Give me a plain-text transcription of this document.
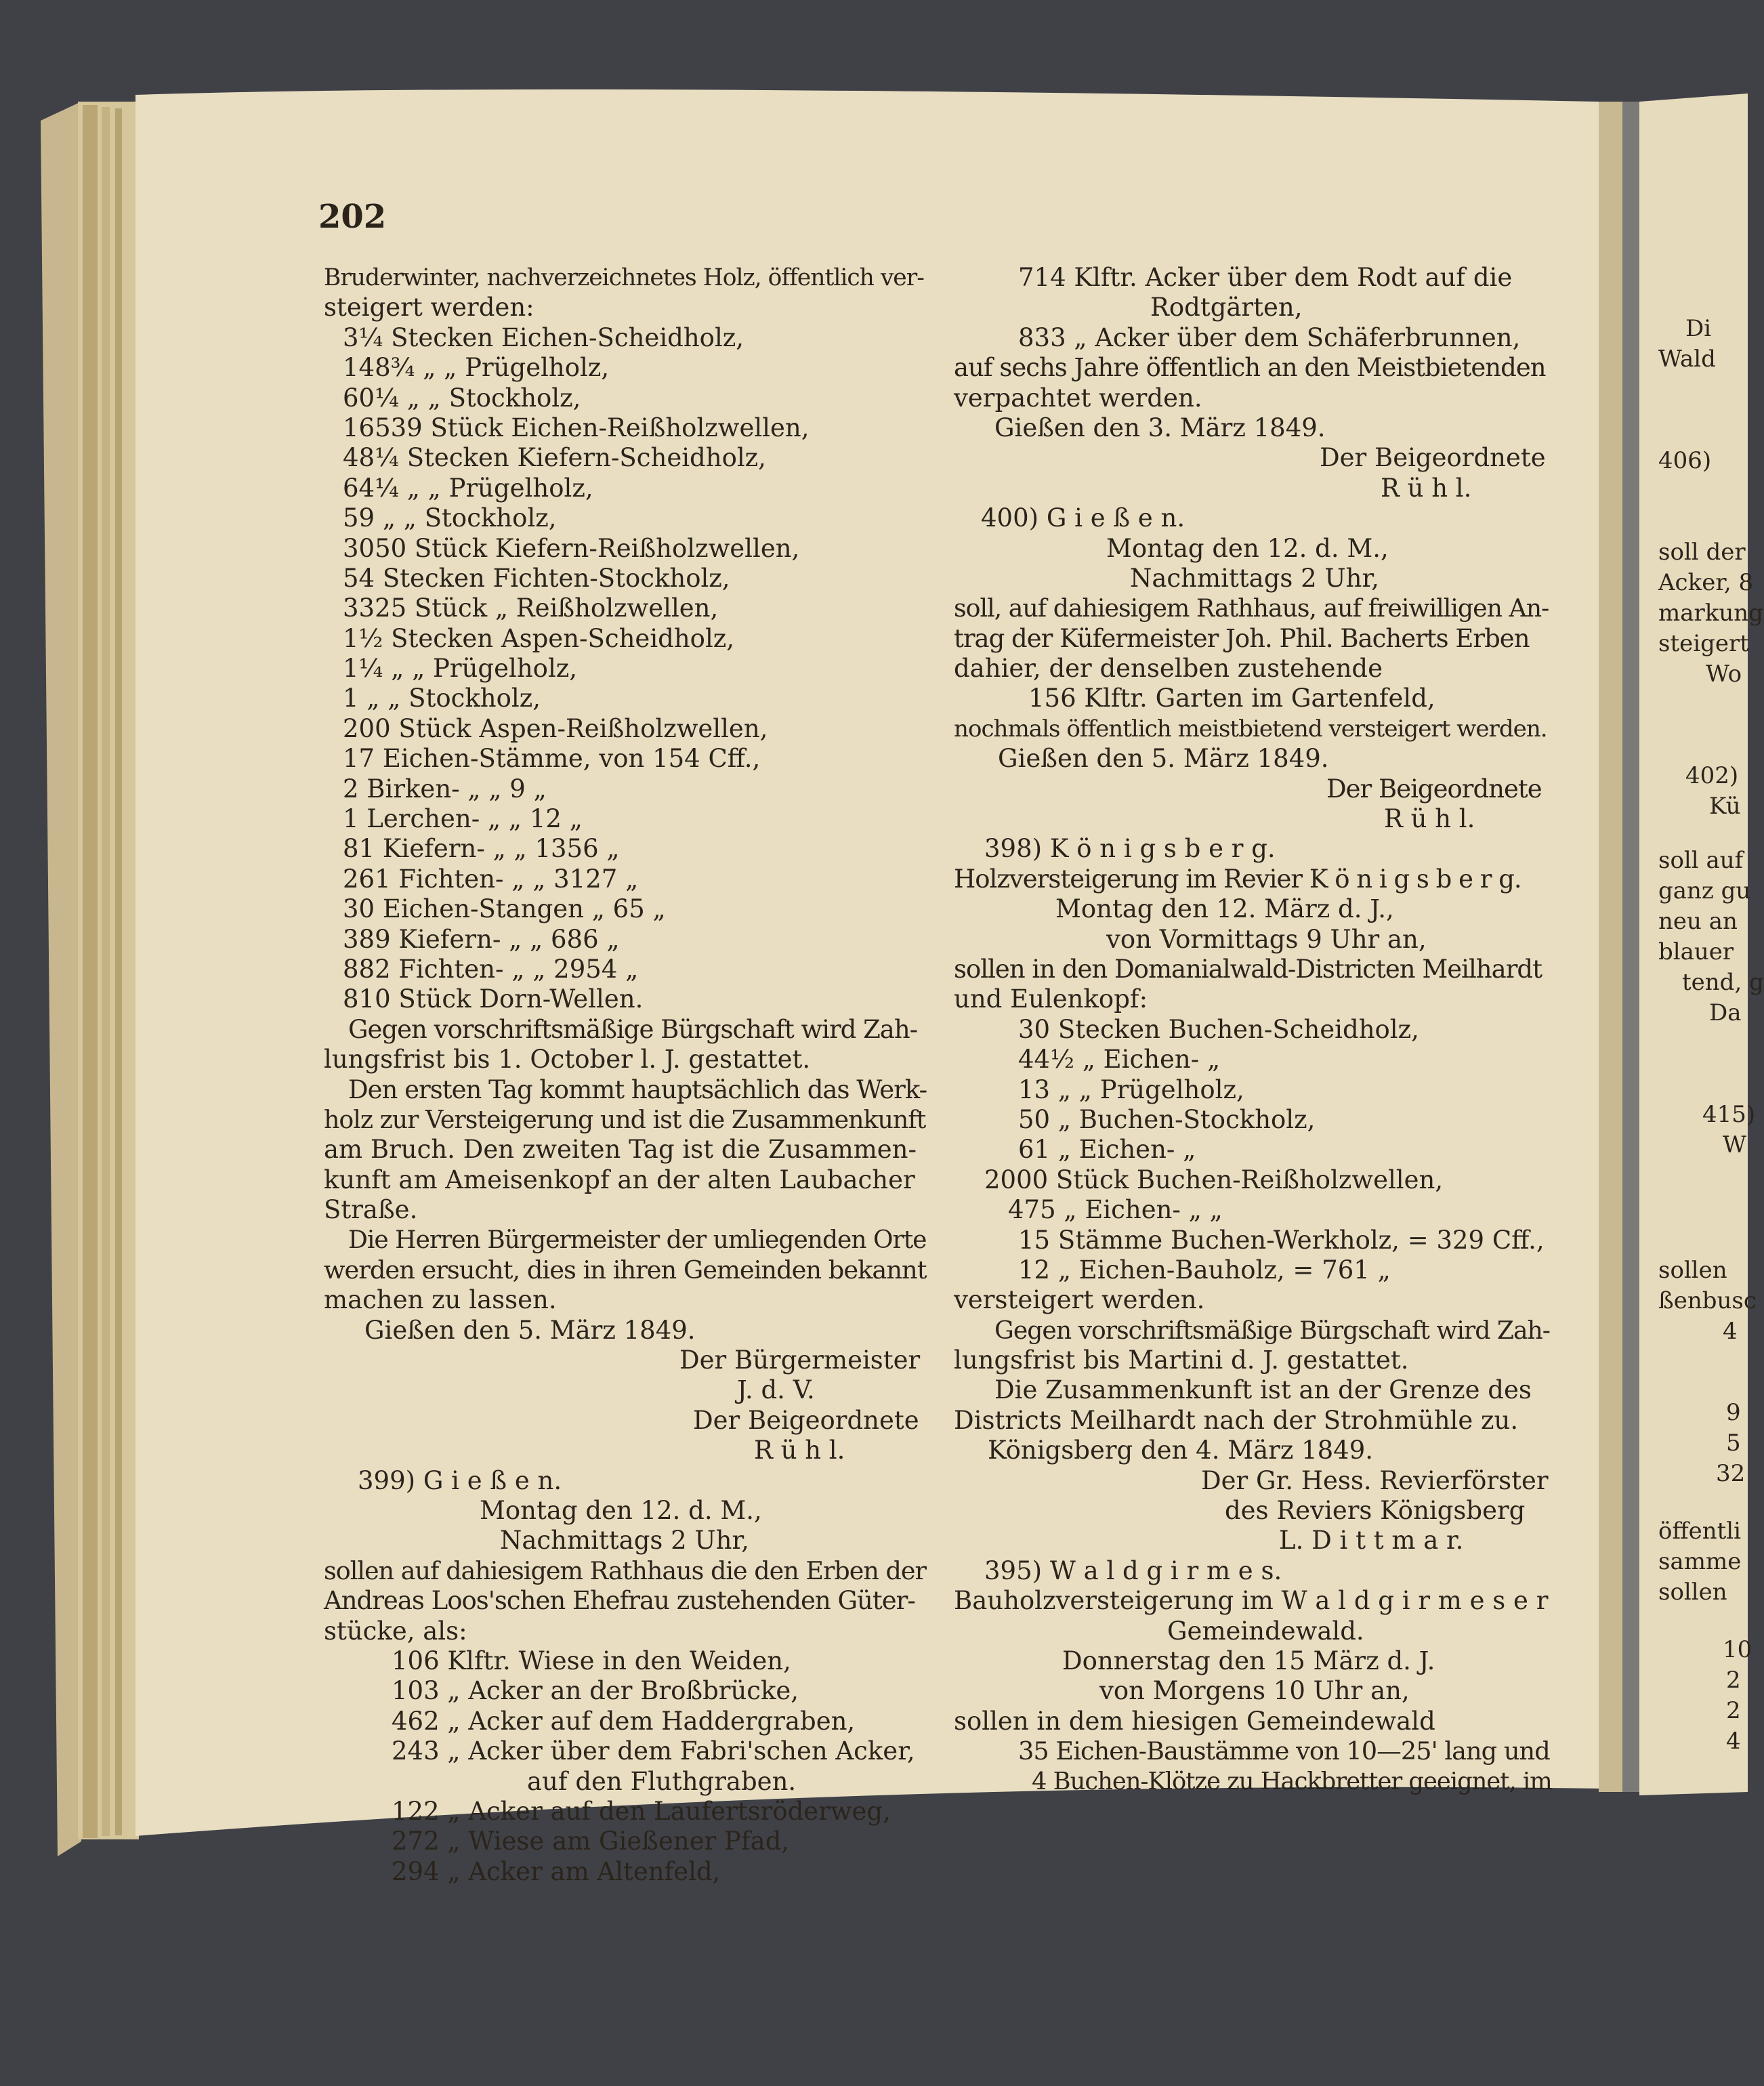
202
Bruderwinter, nachverzeichnetes Holz, öffentlich ver-
steigert werden:
3¼ Stecken Eichen-Scheidholz,
148¾ „ „ Prügelholz,
60¼ „ „ Stockholz,
16539 Stück Eichen-Reißholzwellen,
48¼ Stecken Kiefern-Scheidholz,
64¼ „ „ Prügelholz,
59 „ „ Stockholz,
3050 Stück Kiefern-Reißholzwellen,
54 Stecken Fichten-Stockholz,
3325 Stück „ Reißholzwellen,
1½ Stecken Aspen-Scheidholz,
1¼ „ „ Prügelholz,
1 „ „ Stockholz,
200 Stück Aspen-Reißholzwellen,
17 Eichen-Stämme, von 154 Cff.,
2 Birken- „ „ 9 „
1 Lerchen- „ „ 12 „
81 Kiefern- „ „ 1356 „
261 Fichten- „ „ 3127 „
30 Eichen-Stangen „ 65 „
389 Kiefern- „ „ 686 „
882 Fichten- „ „ 2954 „
810 Stück Dorn-Wellen.
Gegen vorschriftsmäßige Bürgschaft wird Zah-
lungsfrist bis 1. October l. J. gestattet.
Den ersten Tag kommt hauptsächlich das Werk-
holz zur Versteigerung und ist die Zusammenkunft
am Bruch. Den zweiten Tag ist die Zusammen-
kunft am Ameisenkopf an der alten Laubacher
Straße.
Die Herren Bürgermeister der umliegenden Orte
werden ersucht, dies in ihren Gemeinden bekannt
machen zu lassen.
Gießen den 5. März 1849.
Der Bürgermeister
J. d. V.
Der Beigeordnete
R ü h l.
399) G i e ß e n.
Montag den 12. d. M.,
Nachmittags 2 Uhr,
sollen auf dahiesigem Rathhaus die den Erben der
Andreas Loos'schen Ehefrau zustehenden Güter-
stücke, als:
106 Klftr. Wiese in den Weiden,
103 „ Acker an der Broßbrücke,
462 „ Acker auf dem Haddergraben,
243 „ Acker über dem Fabri'schen Acker,
auf den Fluthgraben.
122 „ Acker auf den Laufertsröderweg,
272 „ Wiese am Gießener Pfad,
294 „ Acker am Altenfeld,
714 Klftr. Acker über dem Rodt auf die
Rodtgärten,
833 „ Acker über dem Schäferbrunnen,
auf sechs Jahre öffentlich an den Meistbietenden
verpachtet werden.
Gießen den 3. März 1849.
Der Beigeordnete
R ü h l.
400) G i e ß e n.
Montag den 12. d. M.,
Nachmittags 2 Uhr,
soll, auf dahiesigem Rathhaus, auf freiwilligen An-
trag der Küfermeister Joh. Phil. Bacherts Erben
dahier, der denselben zustehende
156 Klftr. Garten im Gartenfeld,
nochmals öffentlich meistbietend versteigert werden.
Gießen den 5. März 1849.
Der Beigeordnete
R ü h l.
398) K ö n i g s b e r g.
Holzversteigerung im Revier K ö n i g s b e r g.
Montag den 12. März d. J.,
von Vormittags 9 Uhr an,
sollen in den Domanialwald-Districten Meilhardt
und Eulenkopf:
30 Stecken Buchen-Scheidholz,
44½ „ Eichen- „
13 „ „ Prügelholz,
50 „ Buchen-Stockholz,
61 „ Eichen- „
2000 Stück Buchen-Reißholzwellen,
475 „ Eichen- „ „
15 Stämme Buchen-Werkholz, = 329 Cff.,
12 „ Eichen-Bauholz, = 761 „
versteigert werden.
Gegen vorschriftsmäßige Bürgschaft wird Zah-
lungsfrist bis Martini d. J. gestattet.
Die Zusammenkunft ist an der Grenze des
Districts Meilhardt nach der Strohmühle zu.
Königsberg den 4. März 1849.
Der Gr. Hess. Revierförster
des Reviers Königsberg
L. D i t t m a r.
395) W a l d g i r m e s.
Bauholzversteigerung im W a l d g i r m e s e r
Gemeindewald.
Donnerstag den 15 März d. J.
von Morgens 10 Uhr an,
sollen in dem hiesigen Gemeindewald
35 Eichen-Baustämme von 10—25' lang und
4 Buchen-Klötze zu Hackbretter geeignet, im
Di
Wald
406)
soll der
Acker, 8
markung
steigert
Wo
402)
Kü
soll auf
ganz gu
neu an
blauer
tend, g
Da
415)
W
sollen
ßenbusc
4
9
5
32
öffentli
samme
sollen
10
2
2
4
